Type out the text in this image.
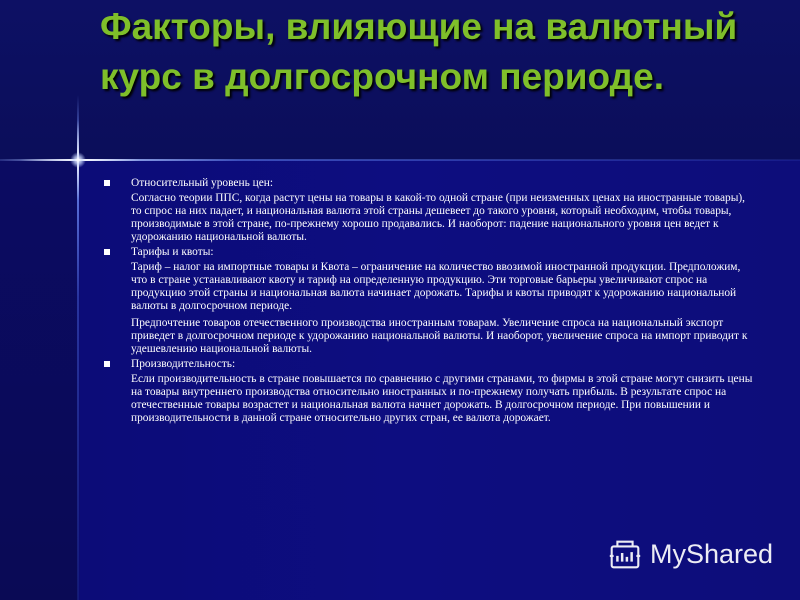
Факторы, влияющие на валютный курс в долгосрочном периоде.
Относительный уровень цен:
Согласно теории ППС, когда растут цены на товары в какой-то одной стране (при неизменных ценах на иностранные товары), то спрос на них падает, и национальная валюта этой страны дешевеет до такого уровня, который необходим, чтобы товары, производимые в этой стране, по-прежнему хорошо продавались. И наоборот: падение национального уровня цен ведет к удорожанию национальной валюты.
Тарифы и квоты:
Тариф – налог на импортные товары и Квота – ограничение на количество ввозимой иностранной продукции. Предположим, что в стране устанавливают квоту и тариф на определенную продукцию. Эти торговые барьеры увеличивают спрос на продукцию этой страны и национальная валюта начинает дорожать. Тарифы и квоты приводят к удорожанию национальной валюты в долгосрочном периоде.
Предпочтение товаров отечественного производства иностранным товарам. Увеличение спроса на национальный экспорт приведет в долгосрочном периоде к удорожанию национальной валюты. И наоборот, увеличение спроса на импорт приводит к удешевлению национальной валюты.
Производительность:
Если производительность в стране повышается по сравнению с другими странами, то фирмы в этой стране могут снизить цены на товары внутреннего производства относительно иностранных и по-прежнему получать прибыль. В результате спрос на отечественные товары возрастет и национальная валюта начнет дорожать. В долгосрочном периоде. При повышении и производительности в данной стране относительно других стран, ее валюта дорожает.
MyShared
